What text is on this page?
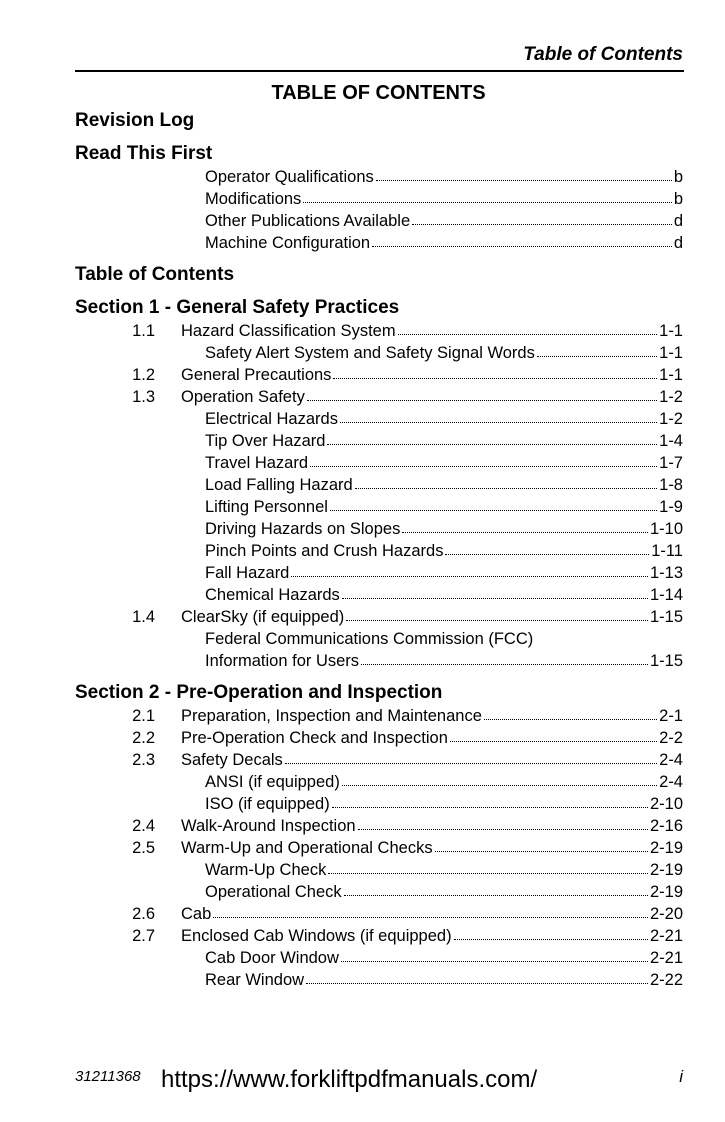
Table of Contents
TABLE OF CONTENTS
Revision Log
Read This First
Operator Qualifications	b
Modifications	b
Other Publications Available	d
Machine Configuration	d
Table of Contents
Section 1 - General Safety Practices
1.1 Hazard Classification System	1-1
Safety Alert System and Safety Signal Words	1-1
1.2 General Precautions	1-1
1.3 Operation Safety	1-2
Electrical Hazards	1-2
Tip Over Hazard	1-4
Travel Hazard	1-7
Load Falling Hazard	1-8
Lifting Personnel	1-9
Driving Hazards on Slopes	1-10
Pinch Points and Crush Hazards	1-11
Fall Hazard	1-13
Chemical Hazards	1-14
1.4 ClearSky (if equipped)	1-15
Federal Communications Commission (FCC)
Information for Users	1-15
Section 2 - Pre-Operation and Inspection
2.1 Preparation, Inspection and Maintenance	2-1
2.2 Pre-Operation Check and Inspection	2-2
2.3 Safety Decals	2-4
ANSI (if equipped)	2-4
ISO (if equipped)	2-10
2.4 Walk-Around Inspection	2-16
2.5 Warm-Up and Operational Checks	2-19
Warm-Up Check	2-19
Operational Check	2-19
2.6 Cab	2-20
2.7 Enclosed Cab Windows (if equipped)	2-21
Cab Door Window	2-21
Rear Window	2-22
31211368 https://www.forkliftpdfmanuals.com/	i
